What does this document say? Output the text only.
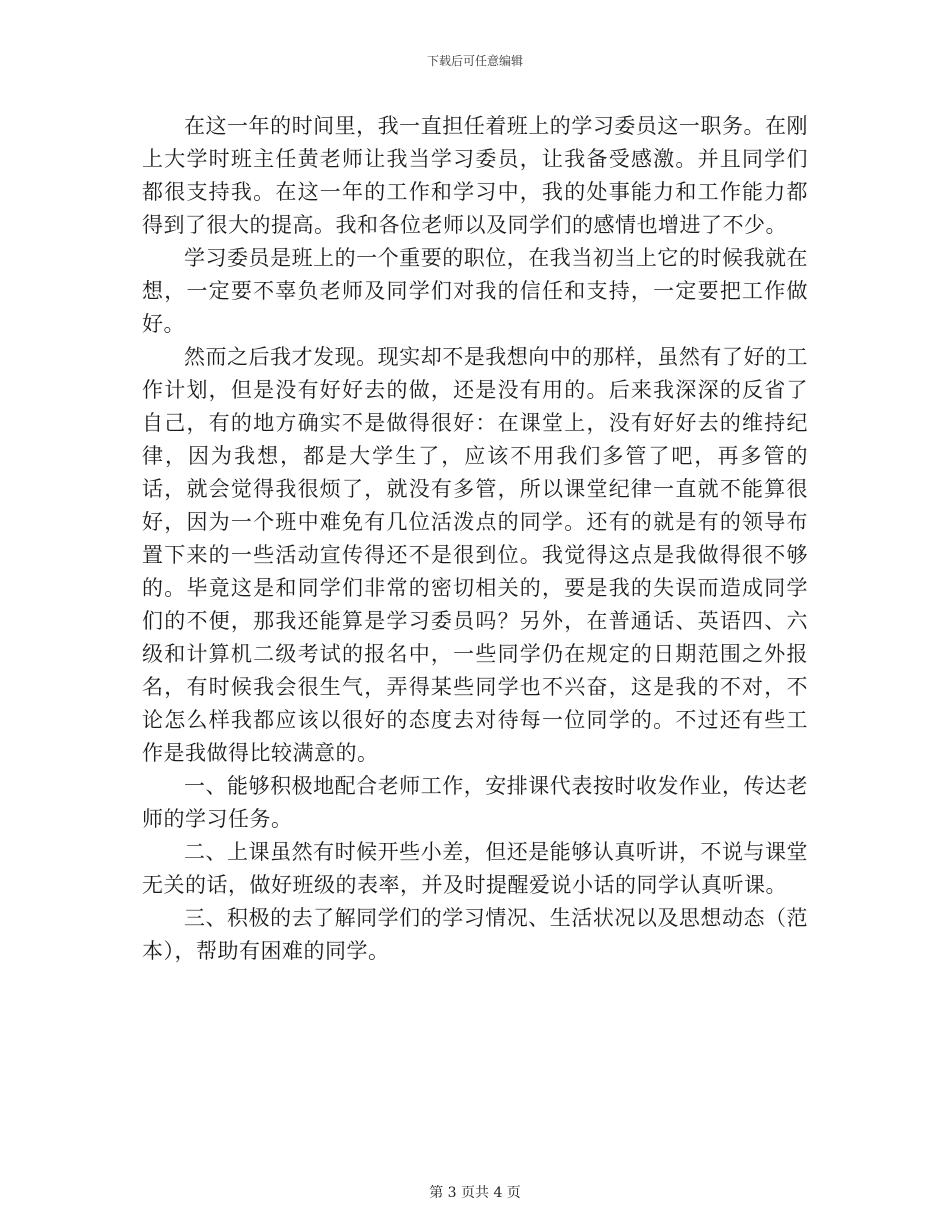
下载后可任意编辑

在这一年的时间里，我一直担任着班上的学习委员这一职务。在刚上大学时班主任黄老师让我当学习委员，让我备受感激。并且同学们都很支持我。在这一年的工作和学习中，我的处事能力和工作能力都得到了很大的提高。我和各位老师以及同学们的感情也增进了不少。

学习委员是班上的一个重要的职位，在我当初当上它的时候我就在想，一定要不辜负老师及同学们对我的信任和支持，一定要把工作做好。

然而之后我才发现。现实却不是我想向中的那样，虽然有了好的工作计划，但是没有好好去的做，还是没有用的。后来我深深的反省了自己，有的地方确实不是做得很好：在课堂上，没有好好去的维持纪律，因为我想，都是大学生了，应该不用我们多管了吧，再多管的话，就会觉得我很烦了，就没有多管，所以课堂纪律一直就不能算很好，因为一个班中难免有几位活泼点的同学。还有的就是有的领导布置下来的一些活动宣传得还不是很到位。我觉得这点是我做得很不够的。毕竟这是和同学们非常的密切相关的，要是我的失误而造成同学们的不便，那我还能算是学习委员吗？另外，在普通话、英语四、六级和计算机二级考试的报名中，一些同学仍在规定的日期范围之外报名，有时候我会很生气，弄得某些同学也不兴奋，这是我的不对，不论怎么样我都应该以很好的态度去对待每一位同学的。不过还有些工作是我做得比较满意的。

一、能够积极地配合老师工作，安排课代表按时收发作业，传达老师的学习任务。

二、上课虽然有时候开些小差，但还是能够认真听讲，不说与课堂无关的话，做好班级的表率，并及时提醒爱说小话的同学认真听课。

三、积极的去了解同学们的学习情况、生活状况以及思想动态（范本），帮助有困难的同学。

第 3 页共 4 页
